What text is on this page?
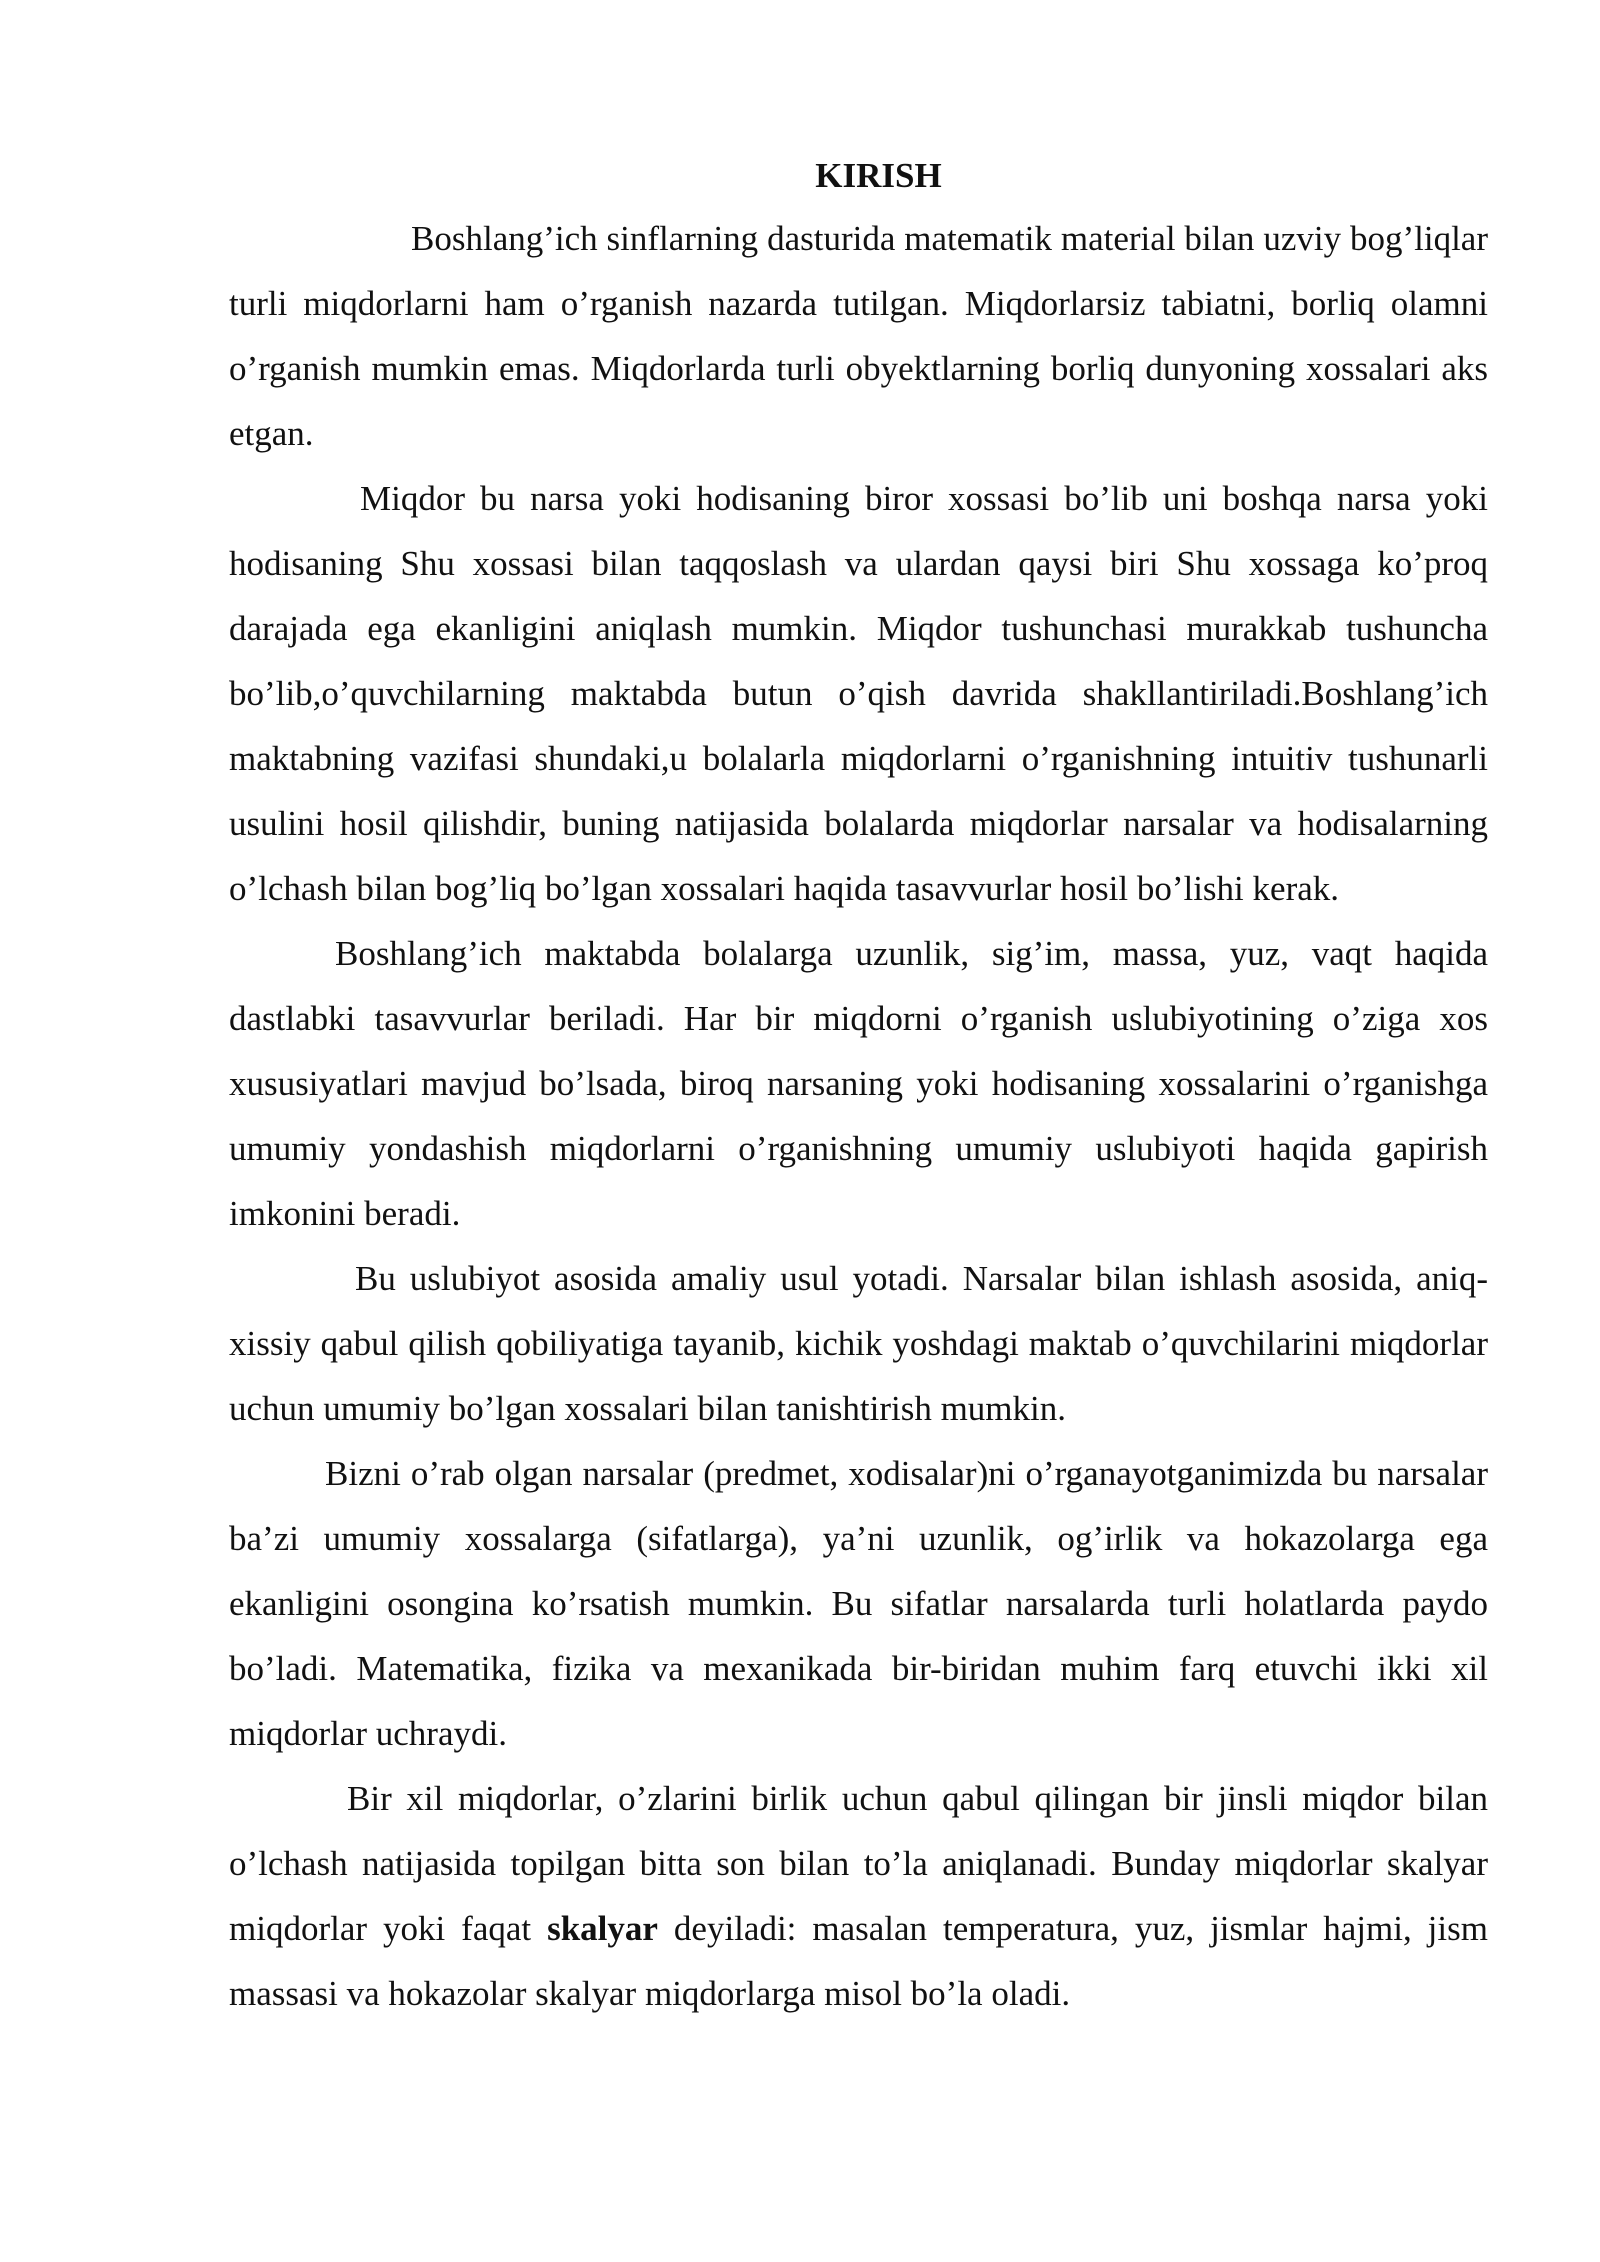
KIRISH

Boshlang’ich sinflarning dasturida matematik material bilan uzviy bog’liqlar turli miqdorlarni ham o’rganish nazarda tutilgan. Miqdorlarsiz tabiatni, borliq olamni o’rganish mumkin emas. Miqdorlarda turli obyektlarning borliq dunyoning xossalari aks etgan.

Miqdor bu narsa yoki hodisaning biror xossasi bo’lib uni boshqa narsa yoki hodisaning Shu xossasi bilan taqqoslash va ulardan qaysi biri Shu xossaga ko’proq darajada ega ekanligini aniqlash mumkin. Miqdor tushunchasi murakkab tushuncha bo’lib,o’quvchilarning maktabda butun o’qish davrida shakllantiriladi.Boshlang’ich maktabning vazifasi shundaki,u bolalarla miqdorlarni o’rganishning intuitiv tushunarli usulini hosil qilishdir, buning natijasida bolalarda miqdorlar narsalar va hodisalarning o’lchash bilan bog’liq bo’lgan xossalari haqida tasavvurlar hosil bo’lishi kerak.

Boshlang’ich maktabda bolalarga uzunlik, sig’im, massa, yuz, vaqt haqida dastlabki tasavvurlar beriladi. Har bir miqdorni o’rganish uslubiyotining o’ziga xos xususiyatlari mavjud bo’lsada, biroq narsaning yoki hodisaning xossalarini o’rganishga umumiy yondashish miqdorlarni o’rganishning umumiy uslubiyoti haqida gapirish imkonini beradi.

Bu uslubiyot asosida amaliy usul yotadi. Narsalar bilan ishlash asosida, aniq-xissiy qabul qilish qobiliyatiga tayanib, kichik yoshdagi maktab o’quvchilarini miqdorlar uchun umumiy bo’lgan xossalari bilan tanishtirish mumkin.

Bizni o’rab olgan narsalar (predmet, xodisalar)ni o’rganayotganimizda bu narsalar ba’zi umumiy xossalarga (sifatlarga), ya’ni uzunlik, og’irlik va hokazolarga ega ekanligini osongina ko’rsatish mumkin. Bu sifatlar narsalarda turli holatlarda paydo bo’ladi. Matematika, fizika va mexanikada bir-biridan muhim farq etuvchi ikki xil miqdorlar uchraydi.

Bir xil miqdorlar, o’zlarini birlik uchun qabul qilingan bir jinsli miqdor bilan o’lchash natijasida topilgan bitta son bilan to’la aniqlanadi. Bunday miqdorlar skalyar miqdorlar yoki faqat skalyar deyiladi: masalan temperatura, yuz, jismlar hajmi, jism massasi va hokazolar skalyar miqdorlarga misol bo’la oladi.
